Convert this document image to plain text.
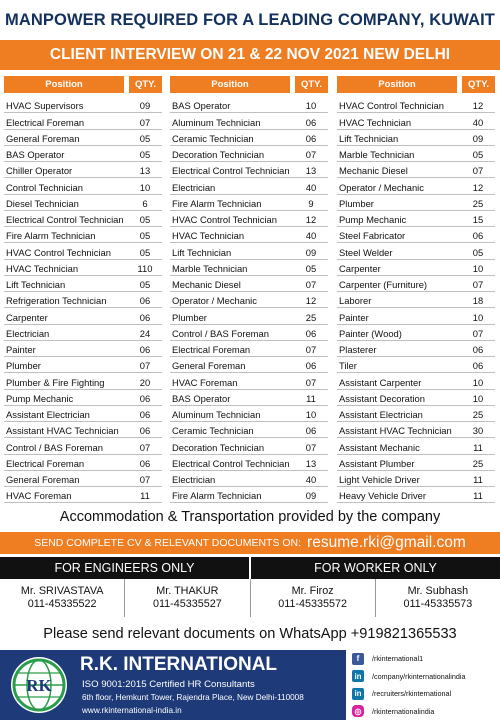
MANPOWER REQUIRED FOR A LEADING COMPANY, KUWAIT
CLIENT INTERVIEW ON 21 & 22 NOV 2021 NEW DELHI
Position	QTY.
HVAC Supervisors	09
Electrical Foreman	07
General Foreman	05
BAS Operator	05
Chiller Operator	13
Control Technician	10
Diesel Technician	6
Electrical Control Technician	05
Fire Alarm Technician	05
HVAC Control Technician	05
HVAC Technician	110
Lift Technician	05
Refrigeration Technician	06
Carpenter	06
Electrician	24
Painter	06
Plumber	07
Plumber & Fire Fighting	20
Pump Mechanic	06
Assistant Electrician	06
Assistant HVAC Technician	06
Control / BAS Foreman	07
Electrical Foreman	06
General Foreman	07
HVAC Foreman	11
Position	QTY.
BAS Operator	10
Aluminum Technician	06
Ceramic Technician	06
Decoration Technician	07
Electrical Control Technician	13
Electrician	40
Fire Alarm Technician	9
HVAC Control Technician	12
HVAC Technician	40
Lift Technician	09
Marble Technician	05
Mechanic Diesel	07
Operator / Mechanic	12
Plumber	25
Control / BAS Foreman	06
Electrical Foreman	07
General Foreman	06
HVAC Foreman	07
BAS Operator	11
Aluminum Technician	10
Ceramic Technician	06
Decoration Technician	07
Electrical Control Technician	13
Electrician	40
Fire Alarm Technician	09
Position	QTY.
HVAC Control Technician	12
HVAC Technician	40
Lift Technician	09
Marble Technician	05
Mechanic Diesel	07
Operator / Mechanic	12
Plumber	25
Pump Mechanic	15
Steel Fabricator	06
Steel Welder	05
Carpenter	10
Carpenter (Furniture)	07
Laborer	18
Painter	10
Painter (Wood)	07
Plasterer	06
Tiler	06
Assistant Carpenter	10
Assistant Decoration	10
Assistant Electrician	25
Assistant HVAC Technician	30
Assistant Mechanic	11
Assistant Plumber	25
Light Vehicle Driver	11
Heavy Vehicle Driver	11
Accommodation & Transportation provided by the company
SEND COMPLETE CV & RELEVANT DOCUMENTS ON: resume.rki@gmail.com
FOR ENGINEERS ONLY	FOR WORKER ONLY
Mr. SRIVASTAVA
011-45335522
Mr. THAKUR
011-45335527
Mr. Firoz
011-45335572
Mr. Subhash
011-45335573
Please send relevant documents on WhatsApp +919821365533
RK
R.K. INTERNATIONAL
ISO 9001:2015 Certified HR Consultants
6th floor, Hemkunt Tower, Rajendra Place, New Delhi-110008
www.rkinternational-india.in
f	/rkinternational1
in	/company/rkinternationalindia
in	/recruiters/rkinternational
◎	/rkinternationalindia
